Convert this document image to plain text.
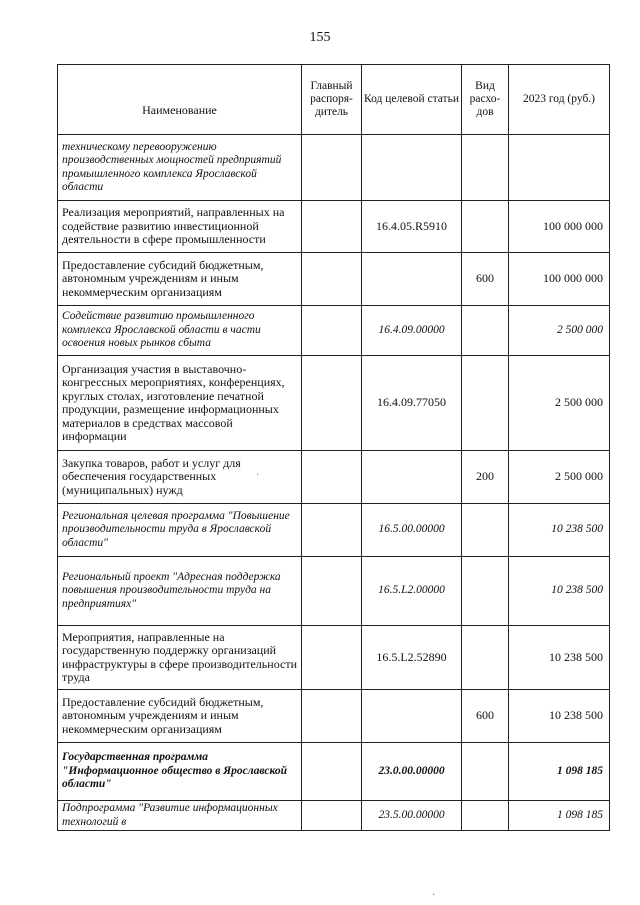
155
Наименование	Главный распоря-дитель	Код целевой статьи	Вид расхо-дов	2023 год (руб.)
техническому перевооружению производственных мощностей предприятий промышленного комплекса Ярославской области				
Реализация мероприятий, направленных на содействие развитию инвестиционной деятельности в сфере промышленности		16.4.05.R5910		100 000 000
Предоставление субсидий бюджетным, автономным учреждениям и иным некоммерческим организациям			600	100 000 000
Содействие развитию промышленного комплекса Ярославской области в части освоения новых рынков сбыта		16.4.09.00000		2 500 000
Организация участия в выставочно-конгрессных мероприятиях, конференциях, круглых столах, изготовление печатной продукции, размещение информационных материалов в средствах массовой информации		16.4.09.77050		2 500 000
Закупка товаров, работ и услуг для обеспечения государственных (муниципальных) нужд			200	2 500 000
Региональная целевая программа "Повышение производительности труда в Ярославской области"		16.5.00.00000		10 238 500
Региональный проект "Адресная поддержка повышения производительности труда на предприятиях"		16.5.L2.00000		10 238 500
Мероприятия, направленные на государственную поддержку организаций инфраструктуры в сфере производительности труда		16.5.L2.52890		10 238 500
Предоставление субсидий бюджетным, автономным учреждениям и иным некоммерческим организациям			600	10 238 500
Государственная программа "Информационное общество в Ярославской области"		23.0.00.00000		1 098 185
Подпрограмма "Развитие информационных технологий в		23.5.00.00000		1 098 185
·
·
